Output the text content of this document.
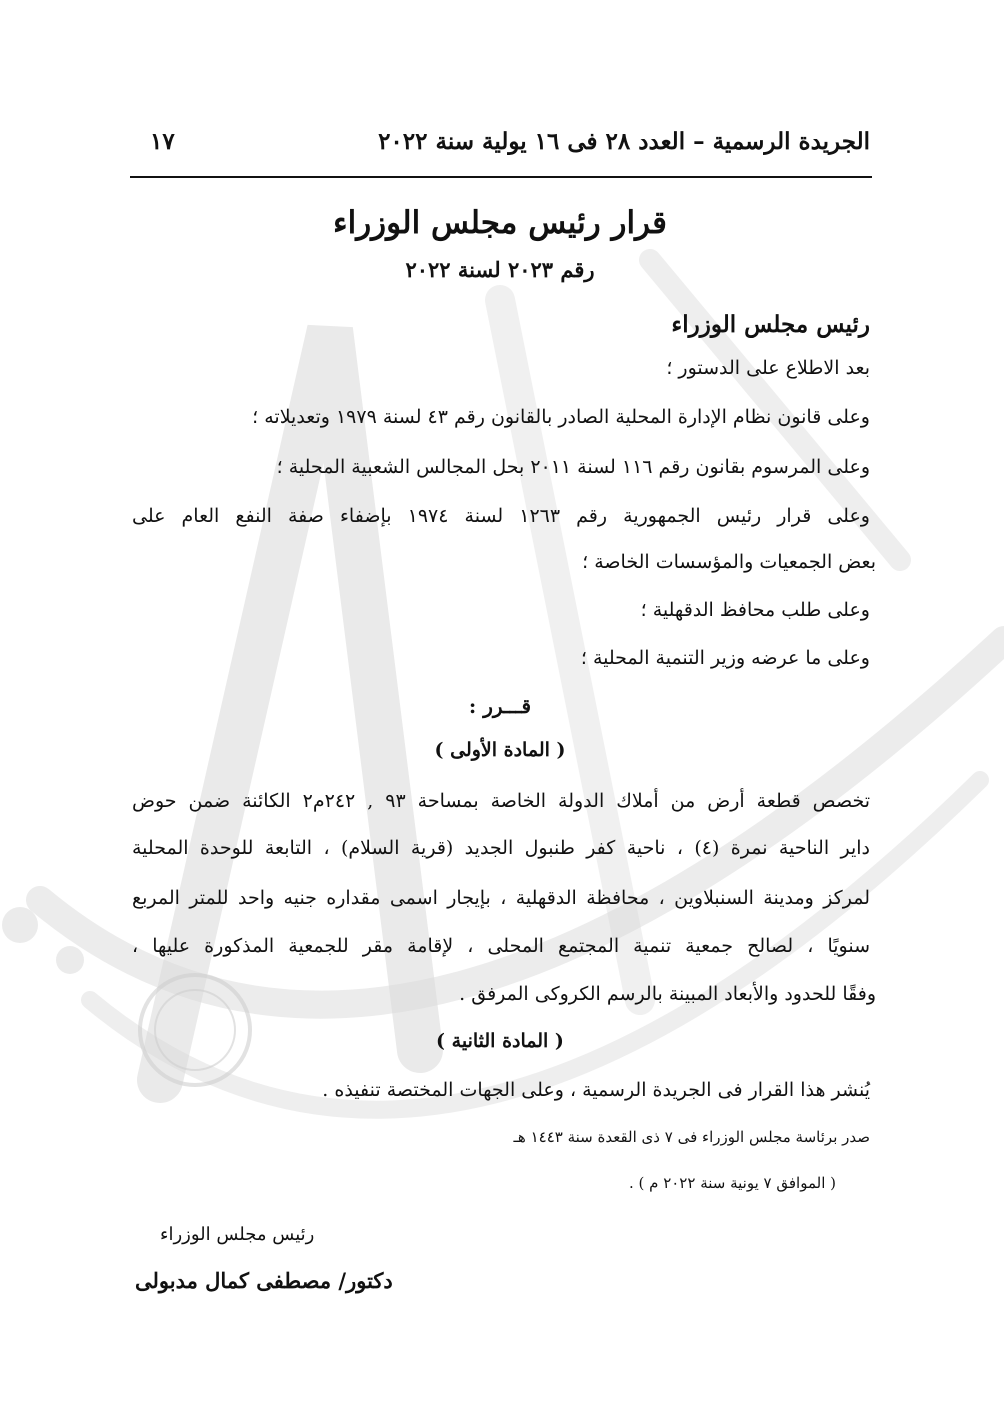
الجريدة الرسمية – العدد ٢٨ فى ١٦ يولية سنة ٢٠٢٢
١٧
قرار رئيس مجلس الوزراء
رقم ٢٠٢٣ لسنة ٢٠٢٢
رئيس مجلس الوزراء
بعد الاطلاع على الدستور ؛
وعلى قانون نظام الإدارة المحلية الصادر بالقانون رقم ٤٣ لسنة ١٩٧٩ وتعديلاته ؛
وعلى المرسوم بقانون رقم ١١٦ لسنة ٢٠١١ بحل المجالس الشعبية المحلية ؛
وعلى قرار رئيس الجمهورية رقم ١٢٦٣ لسنة ١٩٧٤ بإضفاء صفة النفع العام على
بعض الجمعيات والمؤسسات الخاصة ؛
وعلى طلب محافظ الدقهلية ؛
وعلى ما عرضه وزير التنمية المحلية ؛
قـــرر :
( المادة الأولى )
تخصص قطعة أرض من أملاك الدولة الخاصة بمساحة ٩٣ , ٢٤٢م٢ الكائنة ضمن حوض
داير الناحية نمرة (٤) ، ناحية كفر طنبول الجديد (قرية السلام) ، التابعة للوحدة المحلية
لمركز ومدينة السنبلاوين ، محافظة الدقهلية ، بإيجار اسمى مقداره جنيه واحد للمتر المربع
سنويًا ، لصالح جمعية تنمية المجتمع المحلى ، لإقامة مقر للجمعية المذكورة عليها ،
وفقًا للحدود والأبعاد المبينة بالرسم الكروكى المرفق .
( المادة الثانية )
يُنشر هذا القرار فى الجريدة الرسمية ، وعلى الجهات المختصة تنفيذه .
صدر برئاسة مجلس الوزراء فى ٧ ذى القعدة سنة ١٤٤٣ هـ
( الموافق ٧ يونية سنة ٢٠٢٢ م ) .
رئيس مجلس الوزراء
دكتور/ مصطفى كمال مدبولى
